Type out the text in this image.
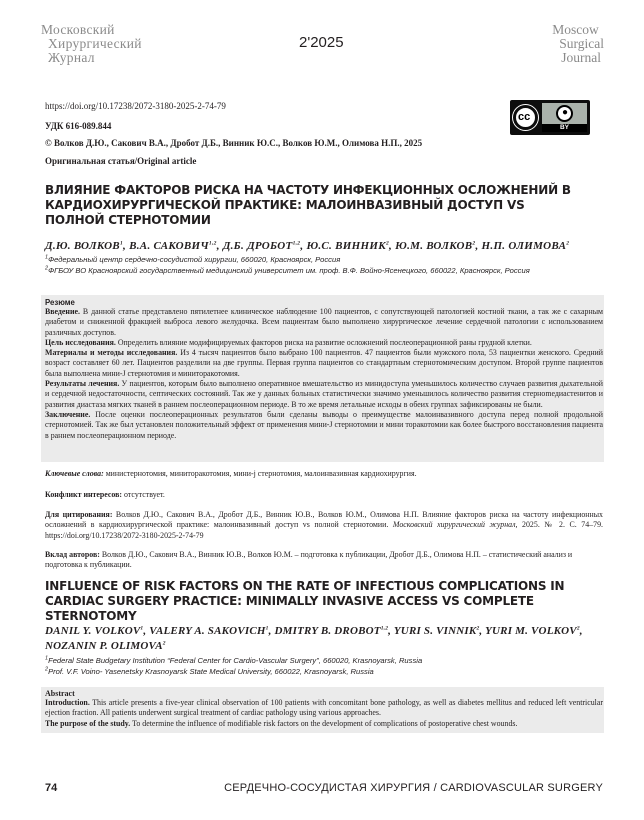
Московский
Хирургический
Журнал
2'2025
Moscow
Surgical
Journal
https://doi.org/10.17238/2072-3180-2025-2-74-79
УДК 616-089.844
© Волков Д.Ю., Сакович В.А., Дробот Д.Б., Винник Ю.С., Волков Ю.М., Олимова Н.П., 2025
Оригинальная статья/Original article
cc	●
BY
ВЛИЯНИЕ ФАКТОРОВ РИСКА НА ЧАСТОТУ ИНФЕКЦИОННЫХ ОСЛОЖНЕНИЙ В КАРДИОХИРУРГИЧЕСКОЙ ПРАКТИКЕ: МАЛОИНВАЗИВНЫЙ ДОСТУП VS ПОЛНОЙ СТЕРНОТОМИИ
Д.Ю. ВОЛКОВ$^1$, В.А. САКОВИЧ$^{1,2}$, Д.Б. ДРОБОТ$^{1,2}$, Ю.С. ВИННИК$^2$, Ю.М. ВОЛКОВ$^2$, Н.П. ОЛИМОВА$^2$
$^1$Федеральный центр сердечно-сосудистой хирургии, 660020, Красноярск, Россия
$^2$ФГБОУ ВО Красноярский государственный медицинский университет им. проф. В.Ф. Войно-Ясенецкого, 660022, Красноярск, Россия
Резюме

Введение. В данной статье представлено пятилетнее клиническое наблюдение 100 пациентов, с сопутствующей патологией костной ткани, а так же с сахарным диабетом и сниженной фракцией выброса левого желудочка. Всем пациентам было выполнено хирургическое лечение сердечной патологии с использованием различных доступов.

Цель исследования. Определить влияние модифицируемых факторов риска на развитие осложнений послеоперационной раны грудной клетки.

Материалы и методы исследования. Из 4 тысяч пациентов было выбрано 100 пациентов. 47 пациентов были мужского пола, 53 пациентки женского. Средний возраст составляет 60 лет. Пациентов разделили на две группы. Первая группа пациентов со стандартным стернотомическим доступом. Второй группе пациентов была выполнена мини-J стернотомия и миниторакотомия.

Результаты лечения. У пациентов, которым было выполнено оперативное вмешательство из минидоступа уменьшилось количество случаев развития дыхательной и сердечной недостаточности, септических состояний. Так же у данных больных статистически значимо уменьшилось количество развития стернomедиастенитов и развития диастаза мягких тканей в раннем послеоперационном периоде. В то же время летальные исходы в обеих группах зафиксированы не были.

Заключение. После оценки послеоперационных результатов были сделаны выводы о преимуществе малоинвазивного доступа перед полной продольной стернотомией. Так же был установлен положительный эффект от применения мини-J стернотомии и мини торакотомии как более быстрого восстановления пациента в раннем послеоперационном периоде.

Ключевые слова: министернотомия, миниторакотомия, мини-j стернотомия, малоинвазивная кардиохирургия.
Конфликт интересов: отсутствует.
Для цитирования: Волков Д.Ю., Сакович В.А., Дробот Д.Б., Винник Ю.В., Волков Ю.М., Олимова Н.П. Влияние факторов риска на частоту инфекционных осложнений в кардиохирургической практике: малоинвазивный доступ vs полной стернотомии. Московский хирургический журнал, 2025. № 2. С. 74–79. https://doi.org/10.17238/2072-3180-2025-2-74-79
Вклад авторов: Волков Д.Ю., Сакович В.А., Винник Ю.В., Волков Ю.М. – подготовка к публикации, Дробот Д.Б., Олимова Н.П. – статистический анализ и подготовка к публикации.
INFLUENCE OF RISK FACTORS ON THE RATE OF INFECTIOUS COMPLICATIONS IN CARDIAC SURGERY PRACTICE: MINIMALLY INVASIVE ACCESS VS COMPLETE STERNOTOMY
DANIL Y. VOLKOV$^1$, VALERY A. SAKOVICH$^1$, DMITRY B. DROBOT$^{1,2}$, YURI S. VINNIK$^2$, YURI M. VOLKOV$^2$, NOZANIN P. OLIMOVA$^2$
$^1$Federal State Budgetary Institution “Federal Center for Cardio-Vascular Surgery”, 660020, Krasnoyarsk, Russia
$^2$Prof. V.F. Voino- Yasenetsky Krasnoyarsk State Medical University, 660022, Krasnoyarsk, Russia
Abstract

Introduction. This article presents a five-year clinical observation of 100 patients with concomitant bone pathology, as well as diabetes mellitus and reduced left ventricular ejection fraction. All patients underwent surgical treatment of cardiac pathology using various approaches.

The purpose of the study. To determine the influence of modifiable risk factors on the development of complications of postoperative chest wounds.

74	СЕРДЕЧНО-СОСУДИСТАЯ ХИРУРГИЯ / CARDIOVASCULAR SURGERY
